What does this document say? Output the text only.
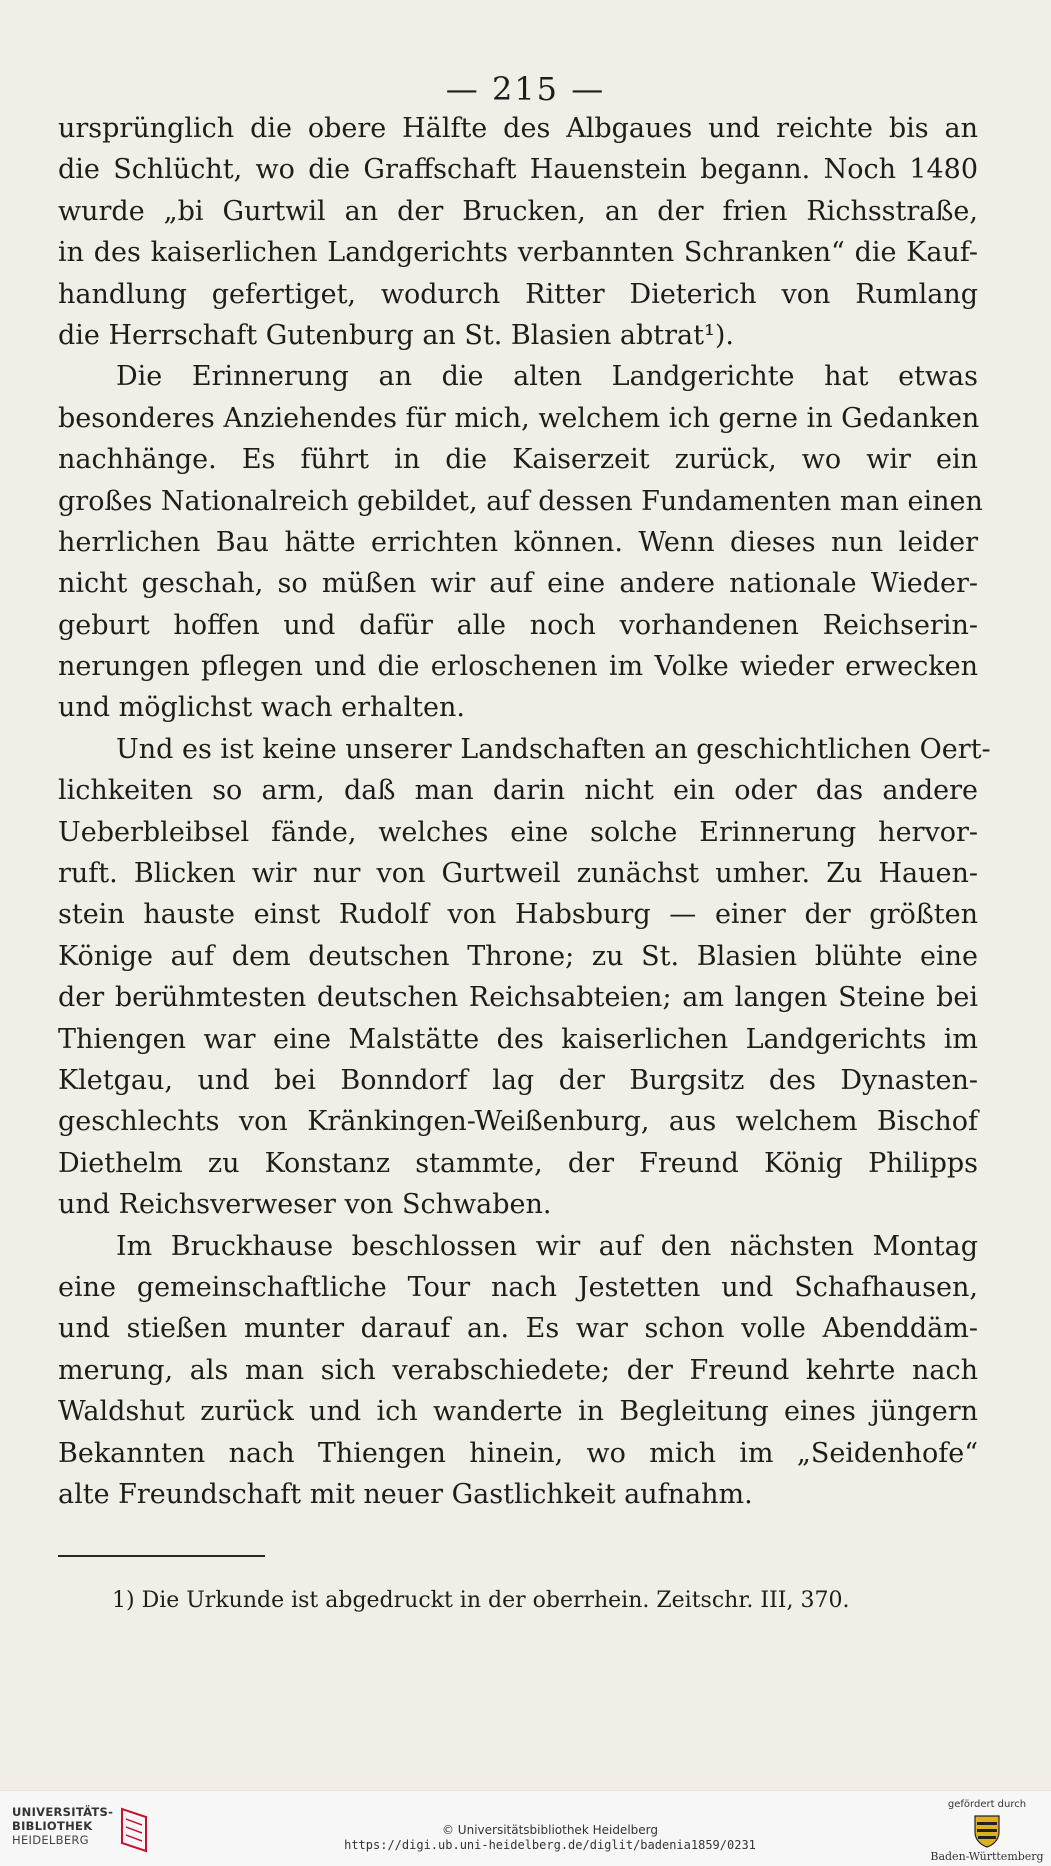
— 215 —
ursprünglich die obere Hälfte des Albgaues und reichte bis an
die Schlücht, wo die Graffschaft Hauenstein begann. Noch 1480
wurde „bi Gurtwil an der Brucken, an der frien Richsstraße,
in des kaiserlichen Landgerichts verbannten Schranken“ die Kauf-
handlung gefertiget, wodurch Ritter Dieterich von Rumlang
die Herrschaft Gutenburg an St. Blasien abtrat¹).
Die Erinnerung an die alten Landgerichte hat etwas
besonderes Anziehendes für mich, welchem ich gerne in Gedanken
nachhänge. Es führt in die Kaiserzeit zurück, wo wir ein
großes Nationalreich gebildet, auf dessen Fundamenten man einen
herrlichen Bau hätte errichten können. Wenn dieses nun leider
nicht geschah, so müßen wir auf eine andere nationale Wieder-
geburt hoffen und dafür alle noch vorhandenen Reichserin-
nerungen pflegen und die erloschenen im Volke wieder erwecken
und möglichst wach erhalten.
Und es ist keine unserer Landschaften an geschichtlichen Oert-
lichkeiten so arm, daß man darin nicht ein oder das andere
Ueberbleibsel fände, welches eine solche Erinnerung hervor-
ruft. Blicken wir nur von Gurtweil zunächst umher. Zu Hauen-
stein hauste einst Rudolf von Habsburg — einer der größten
Könige auf dem deutschen Throne; zu St. Blasien blühte eine
der berühmtesten deutschen Reichsabteien; am langen Steine bei
Thiengen war eine Malstätte des kaiserlichen Landgerichts im
Kletgau, und bei Bonndorf lag der Burgsitz des Dynasten-
geschlechts von Kränkingen-Weißenburg, aus welchem Bischof
Diethelm zu Konstanz stammte, der Freund König Philipps
und Reichsverweser von Schwaben.
Im Bruckhause beschlossen wir auf den nächsten Montag
eine gemeinschaftliche Tour nach Jestetten und Schafhausen,
und stießen munter darauf an. Es war schon volle Abenddäm-
merung, als man sich verabschiedete; der Freund kehrte nach
Waldshut zurück und ich wanderte in Begleitung eines jüngern
Bekannten nach Thiengen hinein, wo mich im „Seidenhofe“
alte Freundschaft mit neuer Gastlichkeit aufnahm.
1) Die Urkunde ist abgedruckt in der oberrhein. Zeitschr. III, 370.
UNIVERSITÄTS-
BIBLIOTHEK
HEIDELBERG
© Universitätsbibliothek Heidelberg
https://digi.ub.uni-heidelberg.de/diglit/badenia1859/0231
gefördert durch
Baden-Württemberg
